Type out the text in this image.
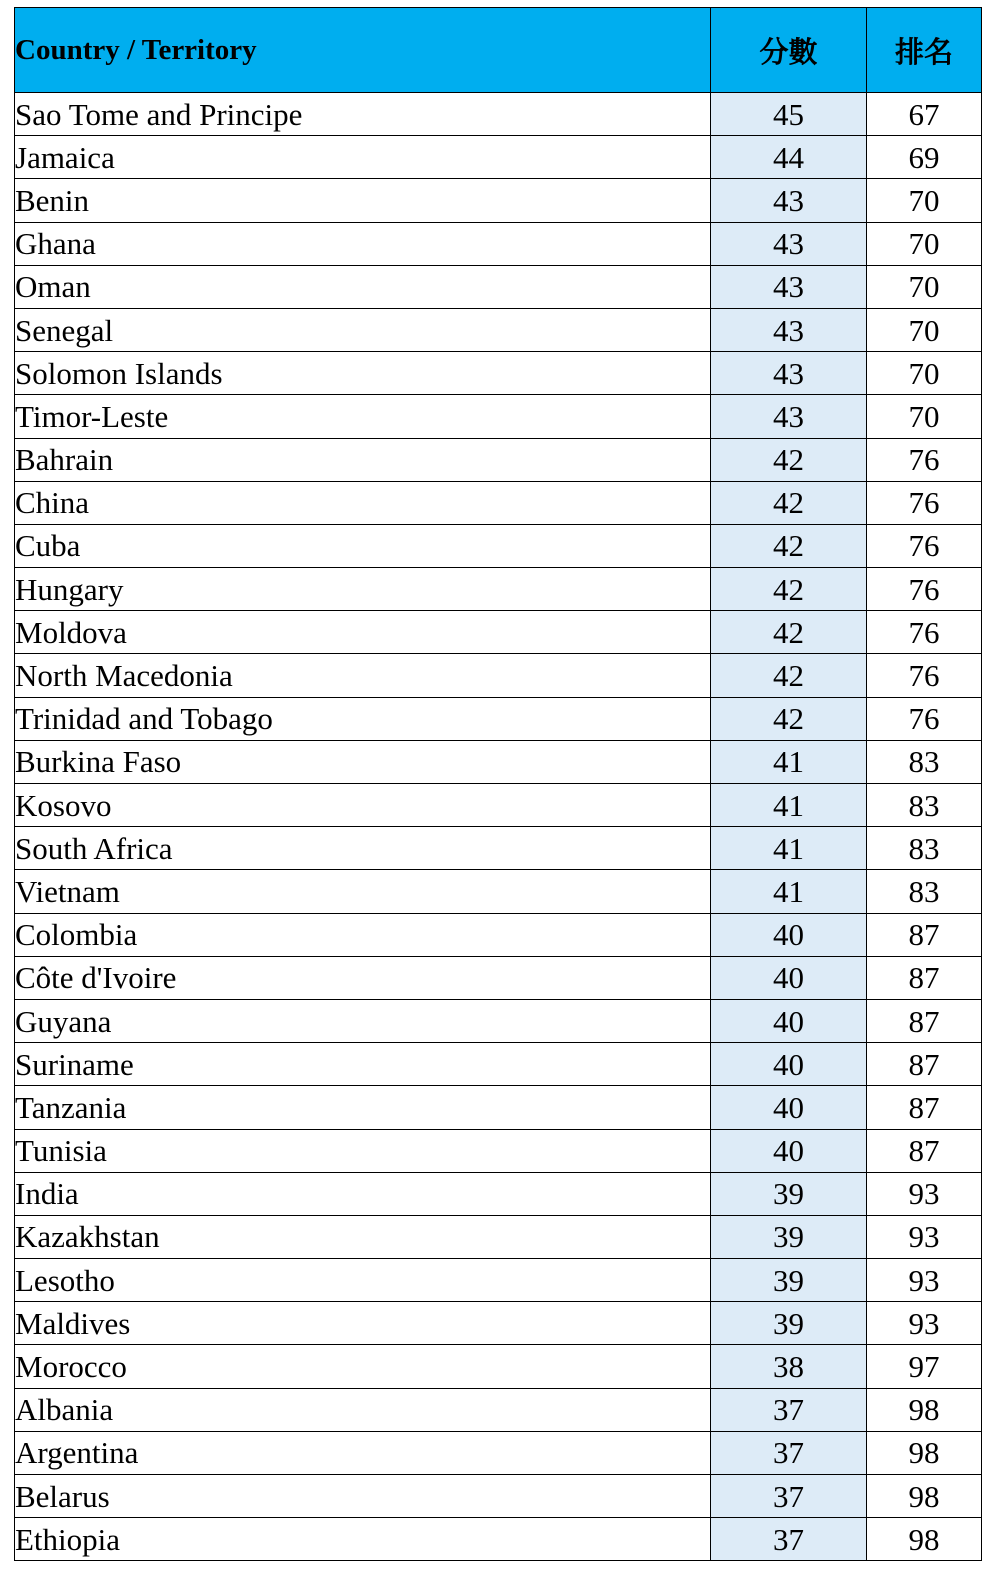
Country / Territory	分數	排名
Sao Tome and Principe	45	67
Jamaica	44	69
Benin	43	70
Ghana	43	70
Oman	43	70
Senegal	43	70
Solomon Islands	43	70
Timor-Leste	43	70
Bahrain	42	76
China	42	76
Cuba	42	76
Hungary	42	76
Moldova	42	76
North Macedonia	42	76
Trinidad and Tobago	42	76
Burkina Faso	41	83
Kosovo	41	83
South Africa	41	83
Vietnam	41	83
Colombia	40	87
Côte d'Ivoire	40	87
Guyana	40	87
Suriname	40	87
Tanzania	40	87
Tunisia	40	87
India	39	93
Kazakhstan	39	93
Lesotho	39	93
Maldives	39	93
Morocco	38	97
Albania	37	98
Argentina	37	98
Belarus	37	98
Ethiopia	37	98
